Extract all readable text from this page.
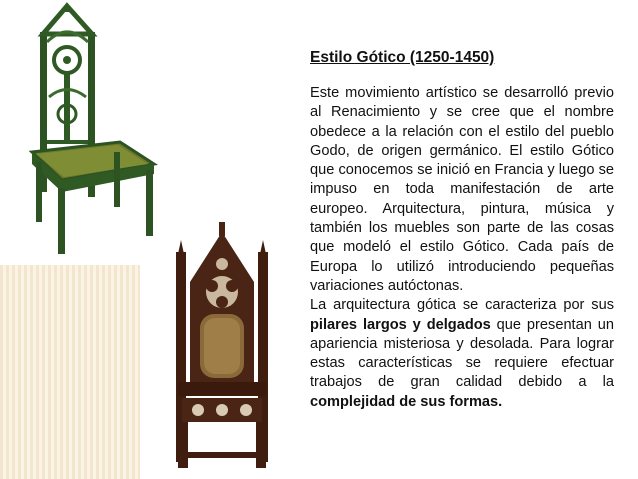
Estilo Gótico (1250-1450)

Este movimiento artístico se desarrolló previo al Renacimiento y se cree que el nombre obedece a la relación con el estilo del pueblo Godo, de origen germánico. El estilo Gótico que conocemos se inició en Francia y luego se impuso en toda manifestación de arte europeo. Arquitectura, pintura, música y también los muebles son parte de las cosas que modeló el estilo Gótico. Cada país de Europa lo utilizó introduciendo pequeñas variaciones autóctonas.

La arquitectura gótica se caracteriza por sus pilares largos y delgados que presentan un apariencia misteriosa y desolada. Para lograr estas características se requiere efectuar trabajos de gran calidad debido a la complejidad de sus formas.
